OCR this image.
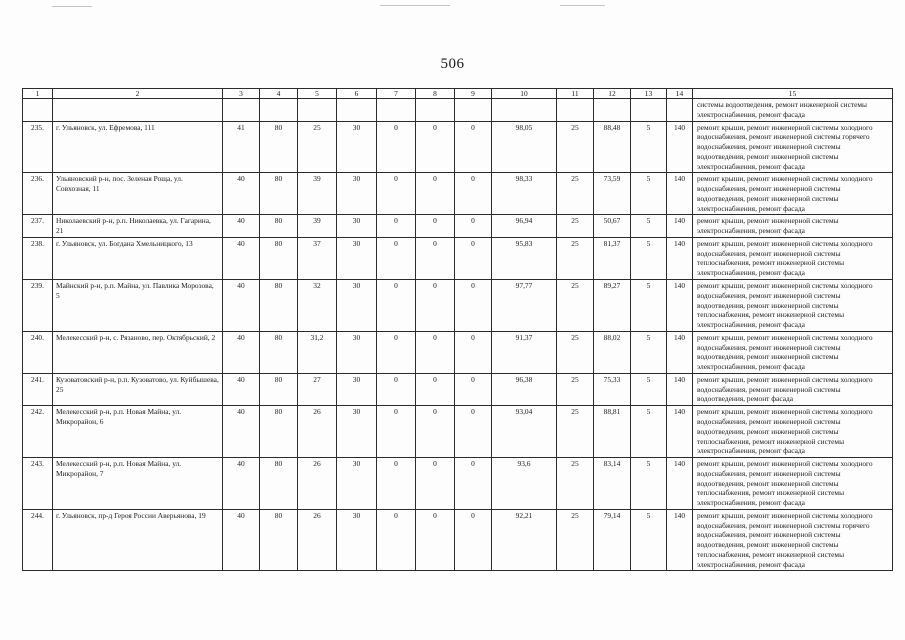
506
1	2	3	4	5	6	7	8	9	10	11	12	13	14	15
														системы водоотведения, ремонт инженерной системы электроснабжения, ремонт фасада
235.	г. Ульяновск, ул. Ефремова, 111	41	80	25	30	0	0	0	98,05	25	88,48	5	140	ремонт крыши, ремонт инженерной системы холодного водоснабжения, ремонт инженерной системы горячего водоснабжения, ремонт инженерной системы водоотведения, ремонт инженерной системы электроснабжения, ремонт фасада
236.	Ульяновский р-н, пос. Зеленая Роща, ул. Совхозная, 11	40	80	39	30	0	0	0	98,33	25	73,59	5	140	ремонт крыши, ремонт инженерной системы холодного водоснабжения, ремонт инженерной системы водоотведения, ремонт инженерной системы электроснабжения, ремонт фасада
237.	Николаевский р-н, р.п. Николаевка, ул. Гагарина, 21	40	80	39	30	0	0	0	96,94	25	50,67	5	140	ремонт крыши, ремонт инженерной системы электроснабжения, ремонт фасада
238.	г. Ульяновск, ул. Богдана Хмельницкого, 13	40	80	37	30	0	0	0	95,83	25	81,37	5	140	ремонт крыши, ремонт инженерной системы холодного водоснабжения, ремонт инженерной системы теплоснабжения, ремонт инженерной системы электроснабжения, ремонт фасада
239.	Майнский р-н, р.п. Майна, ул. Павлика Морозова, 5	40	80	32	30	0	0	0	97,77	25	89,27	5	140	ремонт крыши, ремонт инженерной системы холодного водоснабжения, ремонт инженерной системы водоотведения, ремонт инженерной системы теплоснабжения, ремонт инженерной системы электроснабжения, ремонт фасада
240.	Мелекесский р-н, с. Рязаново, пер. Октябрьский, 2	40	80	31,2	30	0	0	0	91,37	25	88,02	5	140	ремонт крыши, ремонт инженерной системы холодного водоснабжения, ремонт инженерной системы водоотведения, ремонт инженерной системы электроснабжения, ремонт фасада
241.	Кузоватовский р-н, р.п. Кузоватово, ул. Куйбышева, 25	40	80	27	30	0	0	0	96,38	25	75,33	5	140	ремонт крыши, ремонт инженерной системы холодного водоснабжения, ремонт инженерной системы водоотведения, ремонт фасада
242.	Мелекесский р-н, р.п. Новая Майна, ул. Микрорайон, 6	40	80	26	30	0	0	0	93,04	25	88,81	5	140	ремонт крыши, ремонт инженерной системы холодного водоснабжения, ремонт инженерной системы водоотведения, ремонт инженерной системы теплоснабжения, ремонт инженерной системы электроснабжения, ремонт фасада
243.	Мелекесский р-н, р.п. Новая Майна, ул. Микрорайон, 7	40	80	26	30	0	0	0	93,6	25	83,14	5	140	ремонт крыши, ремонт инженерной системы холодного водоснабжения, ремонт инженерной системы водоотведения, ремонт инженерной системы теплоснабжения, ремонт инженерной системы электроснабжения, ремонт фасада
244.	г. Ульяновск, пр-д Героя России Аверьянова, 19	40	80	26	30	0	0	0	92,21	25	79,14	5	140	ремонт крыши, ремонт инженерной системы холодного водоснабжения, ремонт инженерной системы горячего водоснабжения, ремонт инженерной системы водоотведения, ремонт инженерной системы теплоснабжения, ремонт инженерной системы электроснабжения, ремонт фасада
